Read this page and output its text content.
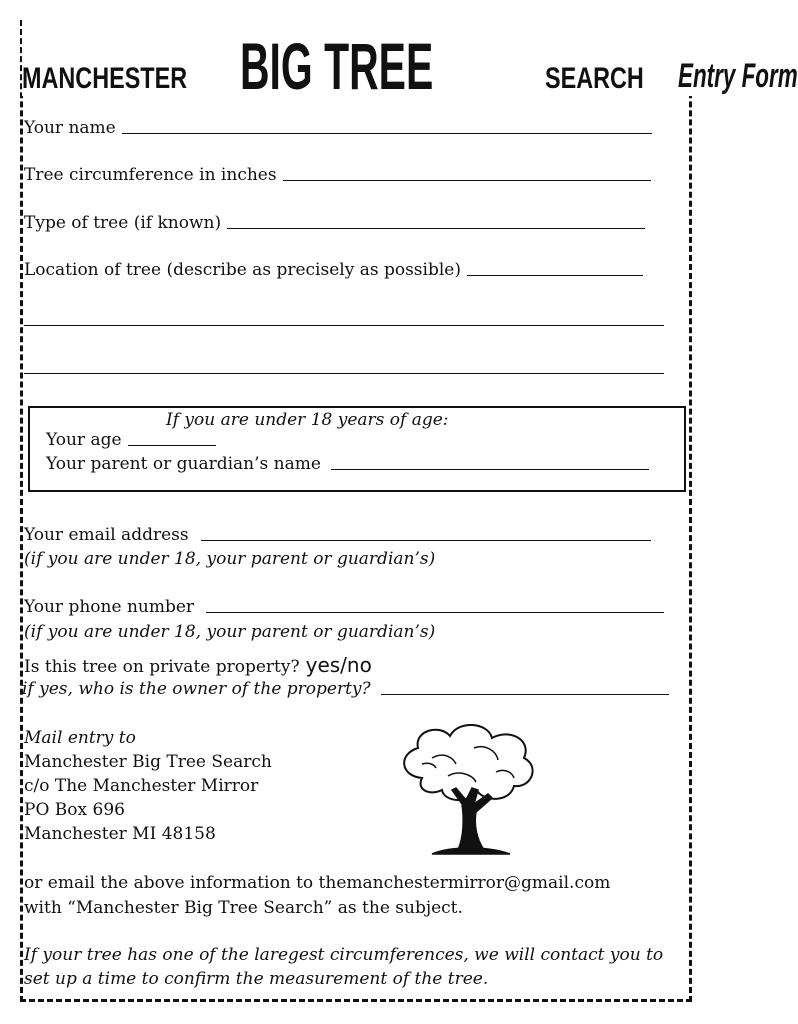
MANCHESTER BIG TREE	SEARCH Entry Form
Your name
Tree circumference in inches
Type of tree (if known)
Location of tree (describe as precisely as possible)
If you are under 18 years of age:
Your age
Your parent or guardian’s name
Your email address
(if you are under 18, your parent or guardian’s)
Your phone number
(if you are under 18, your parent or guardian’s)
Is this tree on private property? yes/no
if yes, who is the owner of the property?
Mail entry to
Manchester Big Tree Search
c/o The Manchester Mirror
PO Box 696
Manchester MI 48158
or email the above information to themanchestermirror@gmail.com
with “Manchester Big Tree Search” as the subject.
If your tree has one of the laregest circumferences, we will contact you to
set up a time to confirm the measurement of the tree.
